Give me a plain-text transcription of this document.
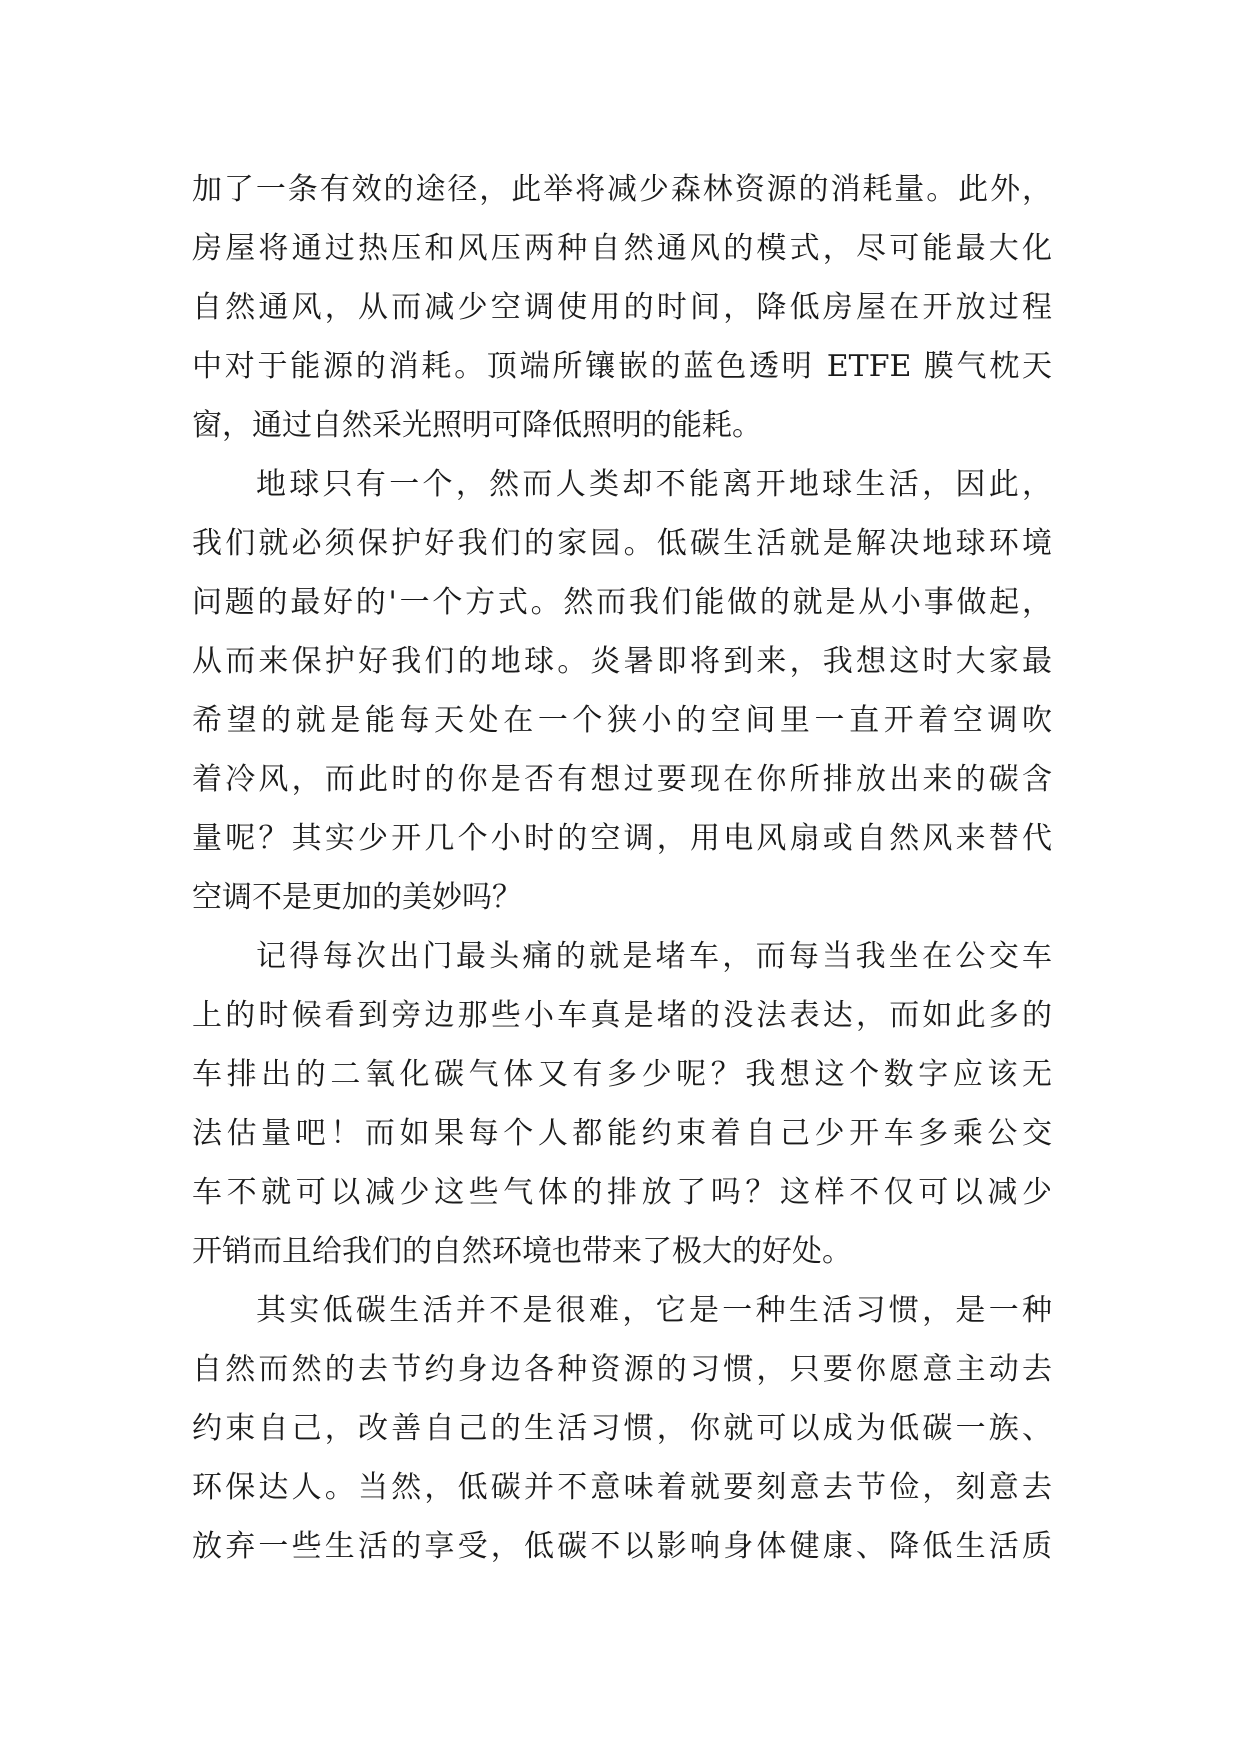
加了一条有效的途径，此举将减少森林资源的消耗量。此外，
房屋将通过热压和风压两种自然通风的模式，尽可能最大化
自然通风，从而减少空调使用的时间，降低房屋在开放过程
中对于能源的消耗。顶端所镶嵌的蓝色透明 ETFE 膜气枕天
窗，通过自然采光照明可降低照明的能耗。
地球只有一个，然而人类却不能离开地球生活，因此，
我们就必须保护好我们的家园。低碳生活就是解决地球环境
问题的最好的'一个方式。然而我们能做的就是从小事做起，
从而来保护好我们的地球。炎暑即将到来，我想这时大家最
希望的就是能每天处在一个狭小的空间里一直开着空调吹
着冷风，而此时的你是否有想过要现在你所排放出来的碳含
量呢？其实少开几个小时的空调，用电风扇或自然风来替代
空调不是更加的美妙吗？
记得每次出门最头痛的就是堵车，而每当我坐在公交车
上的时候看到旁边那些小车真是堵的没法表达，而如此多的
车排出的二氧化碳气体又有多少呢？我想这个数字应该无
法估量吧！而如果每个人都能约束着自己少开车多乘公交
车不就可以减少这些气体的排放了吗？这样不仅可以减少
开销而且给我们的自然环境也带来了极大的好处。
其实低碳生活并不是很难，它是一种生活习惯，是一种
自然而然的去节约身边各种资源的习惯，只要你愿意主动去
约束自己，改善自己的生活习惯，你就可以成为低碳一族、
环保达人。当然，低碳并不意味着就要刻意去节俭，刻意去
放弃一些生活的享受，低碳不以影响身体健康、降低生活质
